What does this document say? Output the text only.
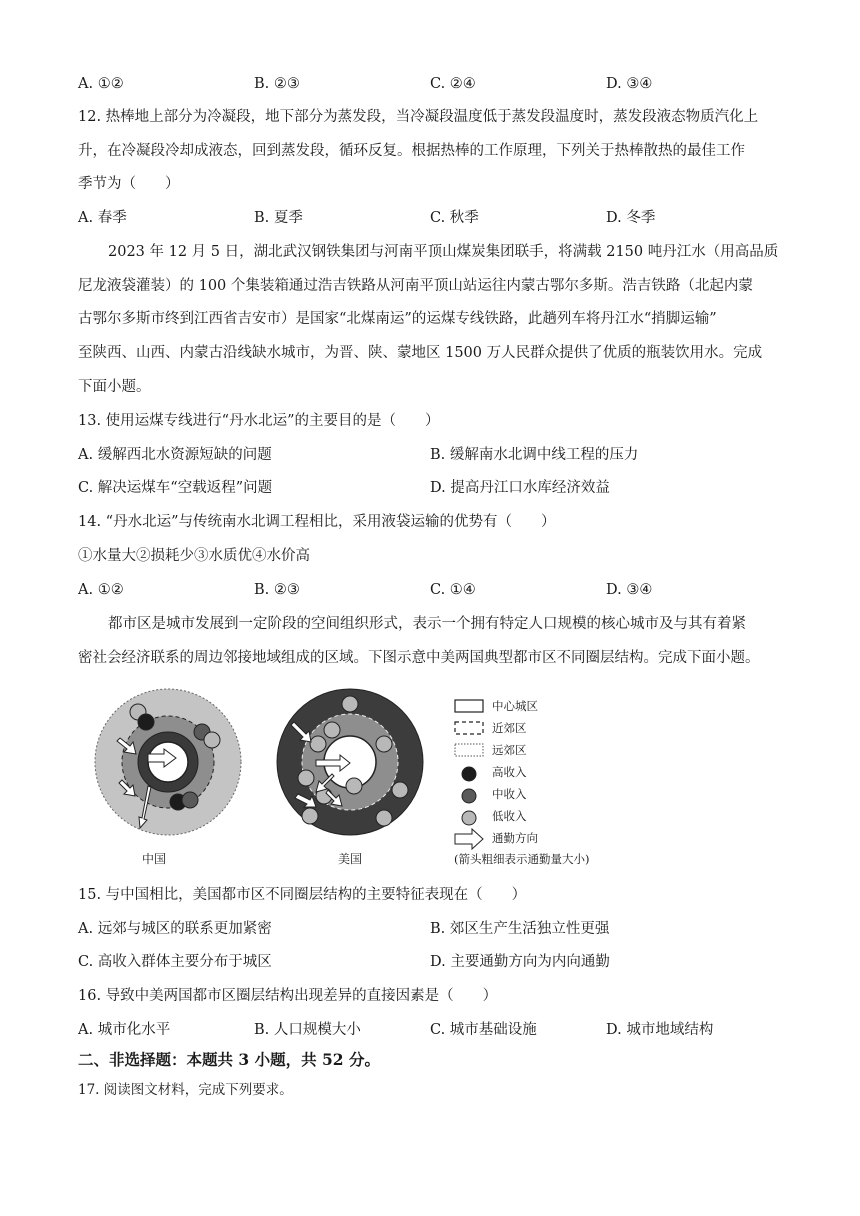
A. ①②	B. ②③	C. ②④	D. ③④
12. 热棒地上部分为冷凝段，地下部分为蒸发段，当冷凝段温度低于蒸发段温度时，蒸发段液态物质汽化上
升，在冷凝段冷却成液态，回到蒸发段，循环反复。根据热棒的工作原理，下列关于热棒散热的最佳工作
季节为（　　）
A. 春季	B. 夏季	C. 秋季	D. 冬季
2023 年 12 月 5 日，湖北武汉钢铁集团与河南平顶山煤炭集团联手，将满载 2150 吨丹江水（用高品质
尼龙液袋灌装）的 100 个集装箱通过浩吉铁路从河南平顶山站运往内蒙古鄂尔多斯。浩吉铁路（北起内蒙
古鄂尔多斯市终到江西省吉安市）是国家“北煤南运”的运煤专线铁路，此趟列车将丹江水“捎脚运输”
至陕西、山西、内蒙古沿线缺水城市，为晋、陕、蒙地区 1500 万人民群众提供了优质的瓶装饮用水。完成
下面小题。
13. 使用运煤专线进行“丹水北运”的主要目的是（　　）
A. 缓解西北水资源短缺的问题	B. 缓解南水北调中线工程的压力
C. 解决运煤车“空载返程”问题	D. 提高丹江口水库经济效益
14. “丹水北运”与传统南水北调工程相比，采用液袋运输的优势有（　　）
①水量大②损耗少③水质优④水价高
A. ①②	B. ②③	C. ①④	D. ③④
都市区是城市发展到一定阶段的空间组织形式，表示一个拥有特定人口规模的核心城市及与其有着紧
密社会经济联系的周边邻接地域组成的区域。下图示意中美两国典型都市区不同圈层结构。完成下面小题。
中心城区
近郊区
远郊区
高收入
中收入
低收入
通勤方向
(箭头粗细表示通勤量大小)
中国	美国
15. 与中国相比，美国都市区不同圈层结构的主要特征表现在（　　）
A. 远郊与城区的联系更加紧密	B. 郊区生产生活独立性更强
C. 高收入群体主要分布于城区	D. 主要通勤方向为内向通勤
16. 导致中美两国都市区圈层结构出现差异的直接因素是（　　）
A. 城市化水平	B. 人口规模大小	C. 城市基础设施	D. 城市地域结构
二、非选择题：本题共 3 小题，共 52 分。
17. 阅读图文材料，完成下列要求。
